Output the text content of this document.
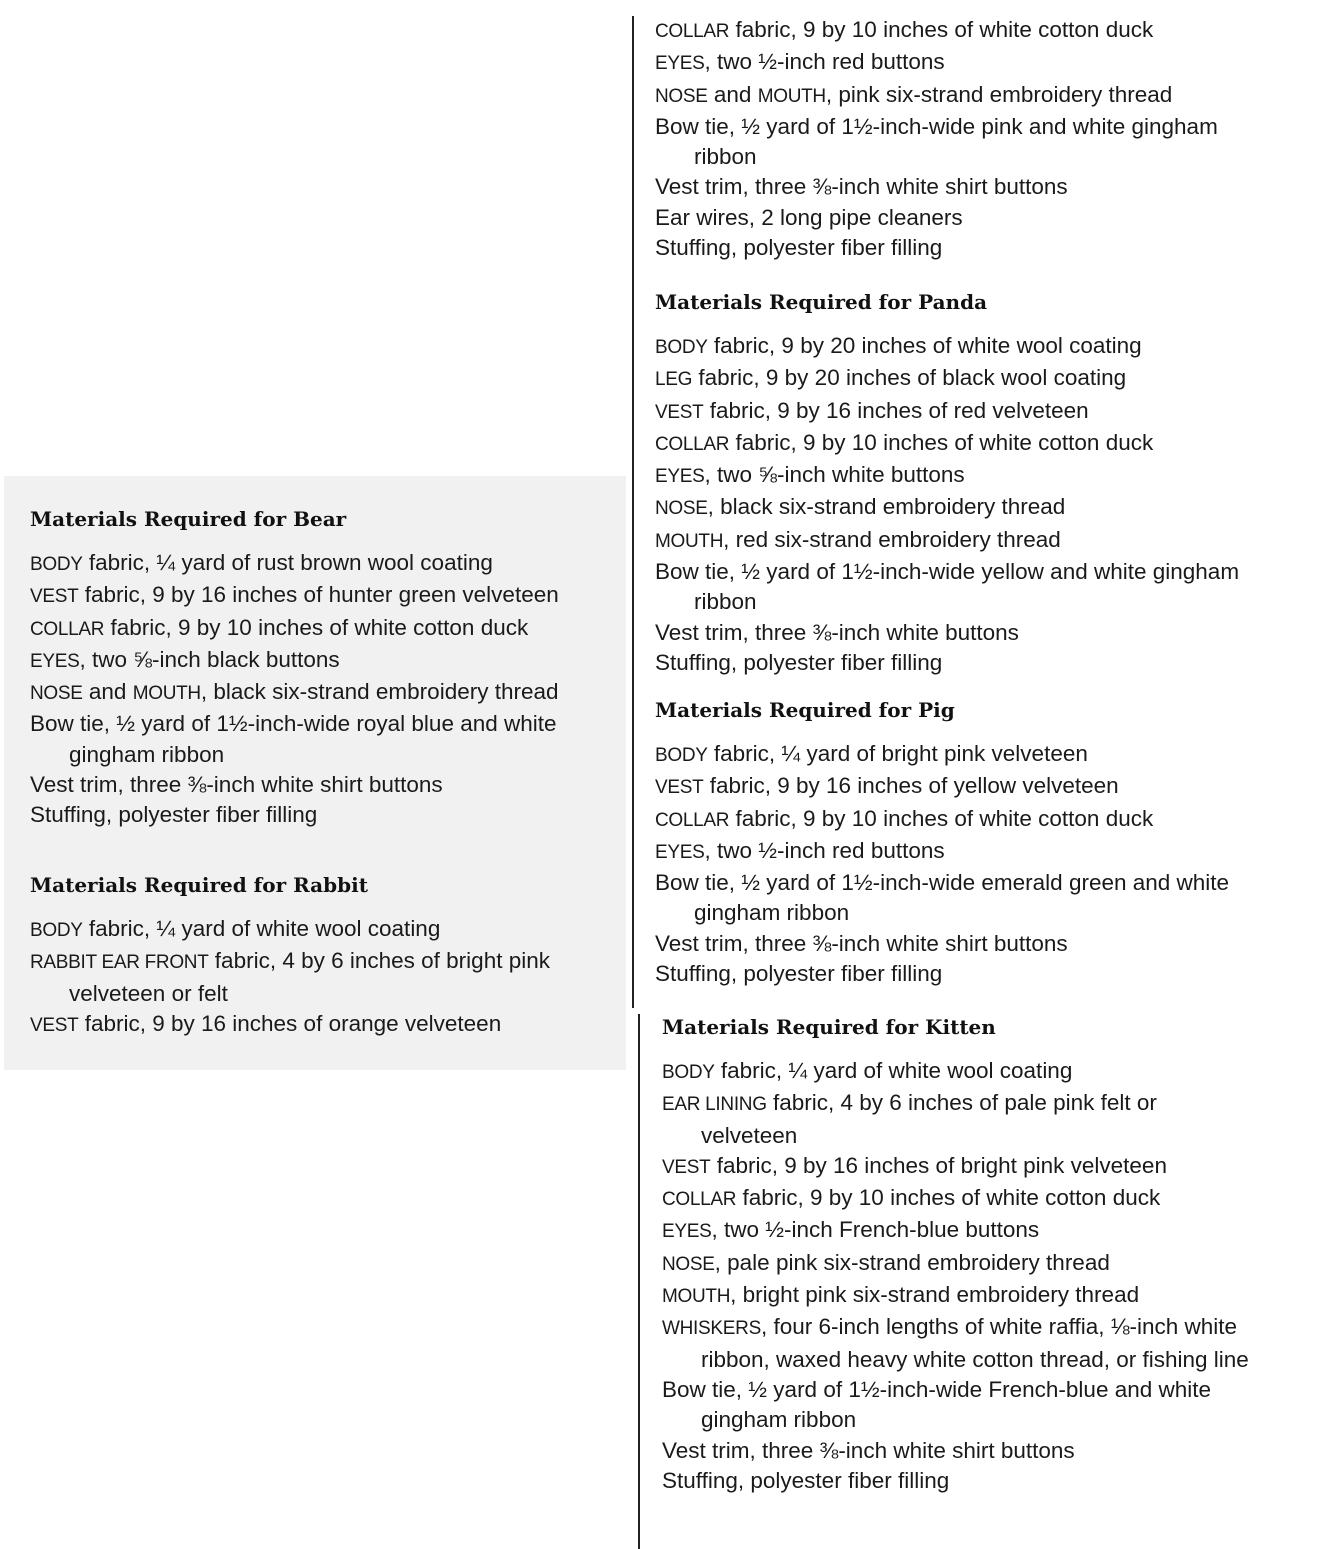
COLLAR fabric, 9 by 10 inches of white cotton duck
EYES, two ½-inch red buttons
NOSE and MOUTH, pink six-strand embroidery thread
Bow tie, ½ yard of 1½-inch-wide pink and white gingham ribbon
Vest trim, three ⅜-inch white shirt buttons
Ear wires, 2 long pipe cleaners
Stuffing, polyester fiber filling
Materials Required for Panda
BODY fabric, 9 by 20 inches of white wool coating
LEG fabric, 9 by 20 inches of black wool coating
VEST fabric, 9 by 16 inches of red velveteen
COLLAR fabric, 9 by 10 inches of white cotton duck
EYES, two ⅝-inch white buttons
NOSE, black six-strand embroidery thread
MOUTH, red six-strand embroidery thread
Bow tie, ½ yard of 1½-inch-wide yellow and white gingham ribbon
Vest trim, three ⅜-inch white buttons
Stuffing, polyester fiber filling
Materials Required for Pig
BODY fabric, ¼ yard of bright pink velveteen
VEST fabric, 9 by 16 inches of yellow velveteen
COLLAR fabric, 9 by 10 inches of white cotton duck
EYES, two ½-inch red buttons
Bow tie, ½ yard of 1½-inch-wide emerald green and white gingham ribbon
Vest trim, three ⅜-inch white shirt buttons
Stuffing, polyester fiber filling
Materials Required for Bear
BODY fabric, ¼ yard of rust brown wool coating
VEST fabric, 9 by 16 inches of hunter green velveteen
COLLAR fabric, 9 by 10 inches of white cotton duck
EYES, two ⅝-inch black buttons
NOSE and MOUTH, black six-strand embroidery thread
Bow tie, ½ yard of 1½-inch-wide royal blue and white gingham ribbon
Vest trim, three ⅜-inch white shirt buttons
Stuffing, polyester fiber filling
Materials Required for Rabbit
BODY fabric, ¼ yard of white wool coating
RABBIT EAR FRONT fabric, 4 by 6 inches of bright pink velveteen or felt
VEST fabric, 9 by 16 inches of orange velveteen	Materials Required for Kitten
BODY fabric, ¼ yard of white wool coating
EAR LINING fabric, 4 by 6 inches of pale pink felt or velveteen
VEST fabric, 9 by 16 inches of bright pink velveteen
COLLAR fabric, 9 by 10 inches of white cotton duck
EYES, two ½-inch French-blue buttons
NOSE, pale pink six-strand embroidery thread
MOUTH, bright pink six-strand embroidery thread
WHISKERS, four 6-inch lengths of white raffia, ⅛-inch white ribbon, waxed heavy white cotton thread, or fishing line
Bow tie, ½ yard of 1½-inch-wide French-blue and white gingham ribbon
Vest trim, three ⅜-inch white shirt buttons
Stuffing, polyester fiber filling
